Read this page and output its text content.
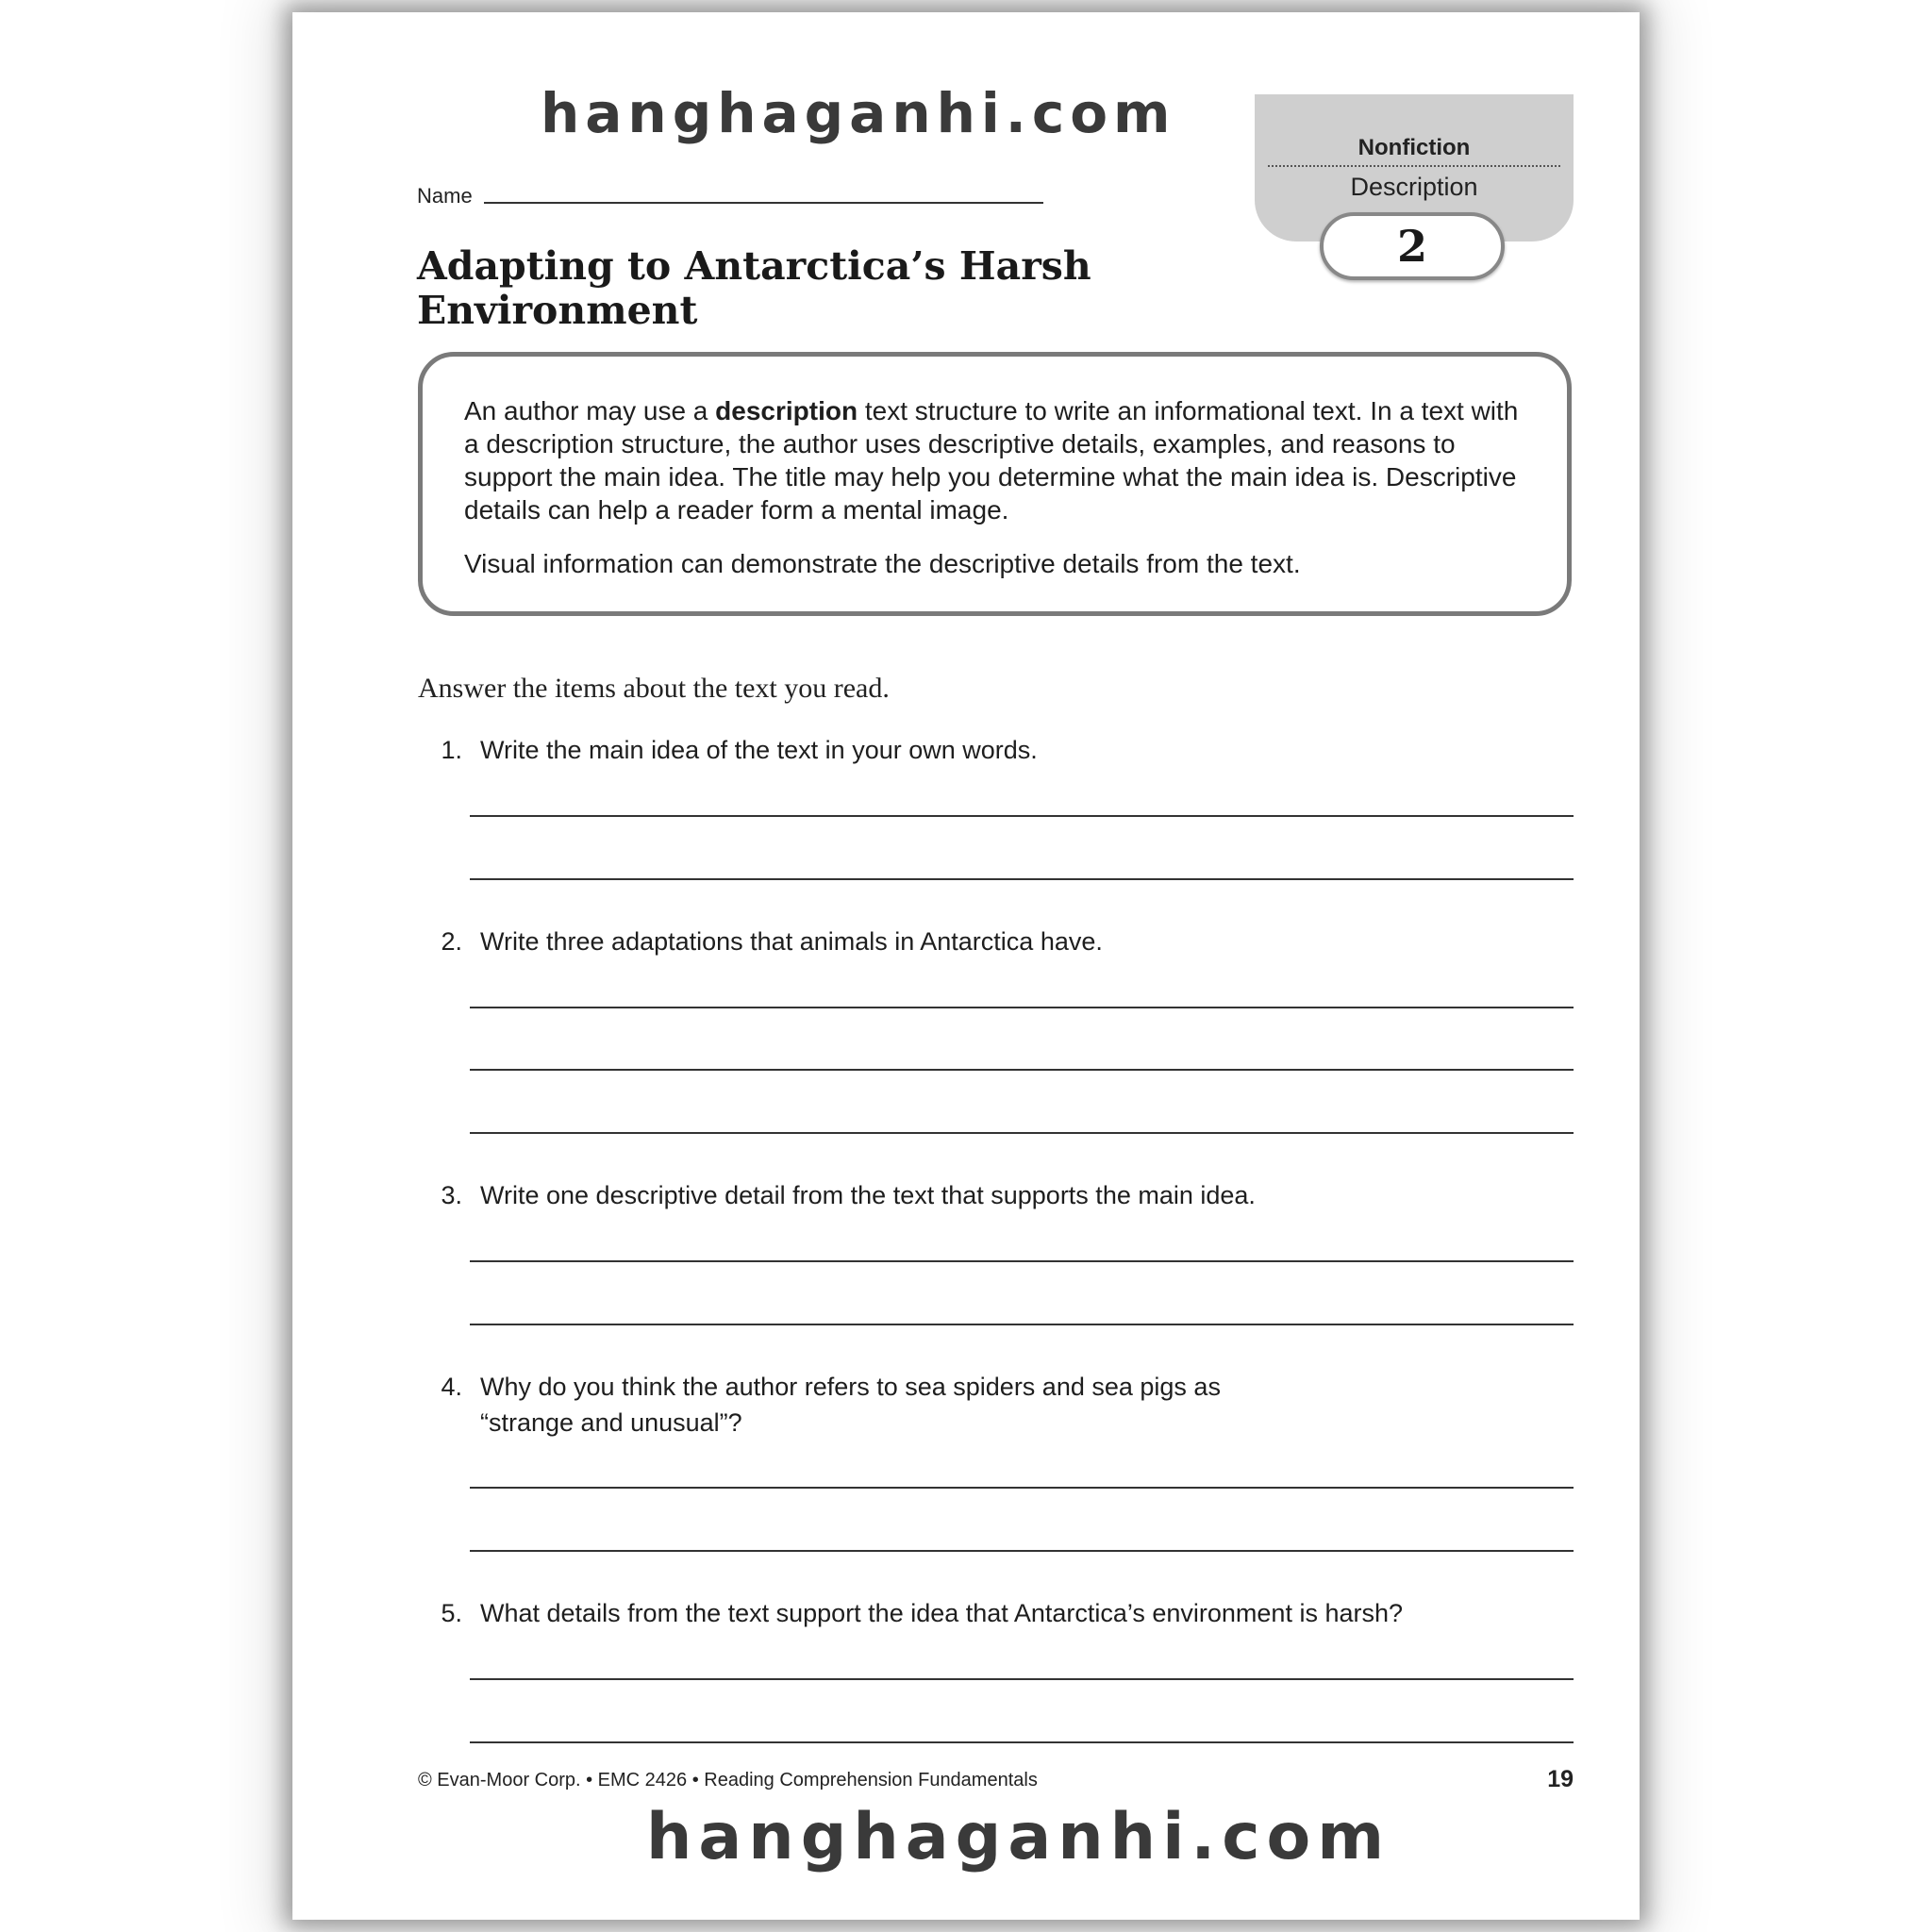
hanghaganhi.com
Name
Adapting to Antarctica’s Harsh Environment
Nonfiction
Description
2

An author may use a description text structure to write an informational text. In a text with a description structure, the author uses descriptive details, examples, and reasons to support the main idea. The title may help you determine what the main idea is. Descriptive details can help a reader form a mental image.

Visual information can demonstrate the descriptive details from the text.

Answer the items about the text you read.
1. Write the main idea of the text in your own words.
2. Write three adaptations that animals in Antarctica have.
3. Write one descriptive detail from the text that supports the main idea.
4. Why do you think the author refers to sea spiders and sea pigs as “strange and unusual”?
5. What details from the text support the idea that Antarctica’s environment is harsh?
© Evan-Moor Corp. • EMC 2426 • Reading Comprehension Fundamentals	19
hanghaganhi.com
